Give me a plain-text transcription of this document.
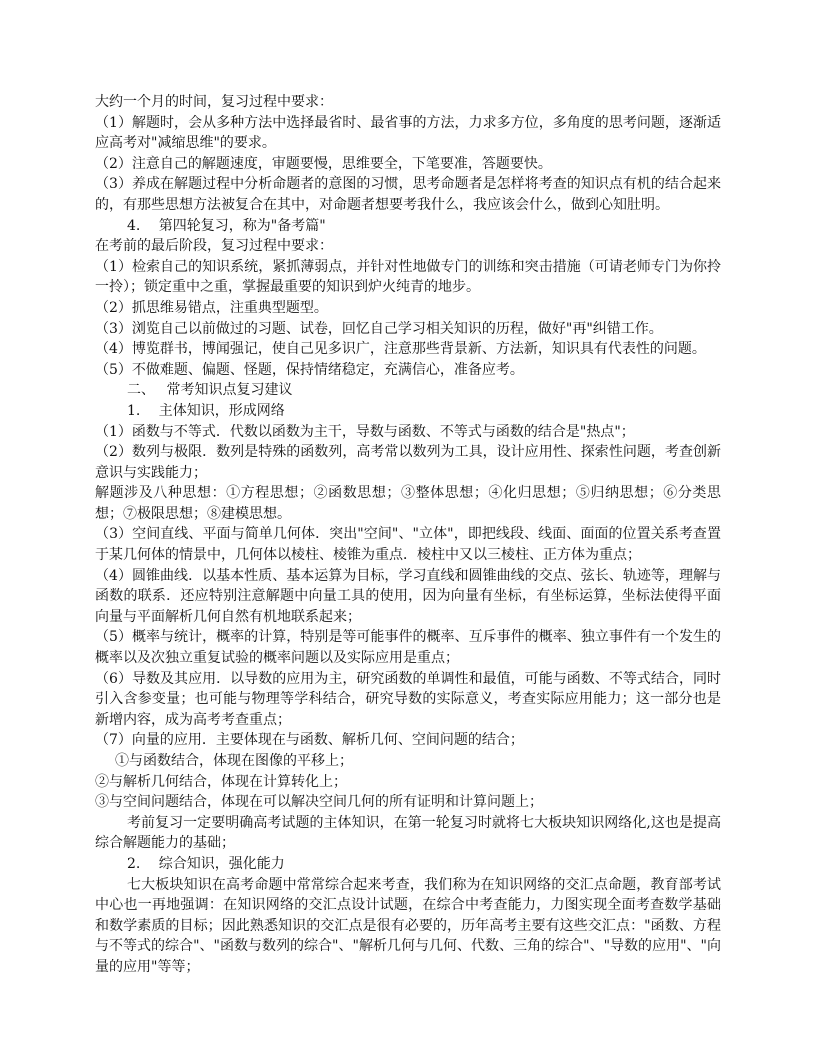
大约一个月的时间，复习过程中要求：

（1）解题时，会从多种方法中选择最省时、最省事的方法，力求多方位，多角度的思考问题，逐渐适应高考对"减缩思维"的要求。

（2）注意自己的解题速度，审题要慢，思维要全，下笔要准，答题要快。

（3）养成在解题过程中分析命题者的意图的习惯，思考命题者是怎样将考查的知识点有机的结合起来的，有那些思想方法被复合在其中，对命题者想要考我什么，我应该会什么，做到心知肚明。

4.　 第四轮复习，称为"备考篇"

在考前的最后阶段，复习过程中要求：

（1）检索自己的知识系统，紧抓薄弱点，并针对性地做专门的训练和突击措施（可请老师专门为你拎一拎）；锁定重中之重，掌握最重要的知识到炉火纯青的地步。

（2）抓思维易错点，注重典型题型。

（3）浏览自己以前做过的习题、试卷，回忆自己学习相关知识的历程，做好"再"纠错工作。

（4）博览群书，博闻强记，使自己见多识广，注意那些背景新、方法新，知识具有代表性的问题。

（5）不做难题、偏题、怪题，保持情绪稳定，充满信心，准备应考。

二、　 常考知识点复习建议

1.　 主体知识，形成网络

（1）函数与不等式．代数以函数为主干，导数与函数、不等式与函数的结合是"热点"；

（2）数列与极限．数列是特殊的函数列，高考常以数列为工具，设计应用性、探索性问题，考查创新意识与实践能力；

解题涉及八种思想：①方程思想；②函数思想；③整体思想；④化归思想；⑤归纳思想；⑥分类思想；⑦极限思想；⑧建模思想。

（3）空间直线、平面与简单几何体．突出"空间"、"立体"，即把线段、线面、面面的位置关系考查置于某几何体的情景中，几何体以棱柱、棱锥为重点．棱柱中又以三棱柱、正方体为重点；

（4）圆锥曲线．以基本性质、基本运算为目标，学习直线和圆锥曲线的交点、弦长、轨迹等，理解与函数的联系．还应特别注意解题中向量工具的使用，因为向量有坐标，有坐标运算，坐标法使得平面向量与平面解析几何自然有机地联系起来；

（5）概率与统计，概率的计算，特别是等可能事件的概率、互斥事件的概率、独立事件有一个发生的概率以及次独立重复试验的概率问题以及实际应用是重点；

（6）导数及其应用．以导数的应用为主，研究函数的单调性和最值，可能与函数、不等式结合，同时引入含参变量；也可能与物理等学科结合，研究导数的实际意义，考查实际应用能力；这一部分也是新增内容，成为高考考查重点；

（7）向量的应用．主要体现在与函数、解析几何、空间问题的结合；

①与函数结合，体现在图像的平移上；

②与解析几何结合，体现在计算转化上；

③与空间问题结合，体现在可以解决空间几何的所有证明和计算问题上；

考前复习一定要明确高考试题的主体知识，在第一轮复习时就将七大板块知识网络化,这也是提高综合解题能力的基础；

2.　 综合知识，强化能力

七大板块知识在高考命题中常常综合起来考查，我们称为在知识网络的交汇点命题，教育部考试中心也一再地强调：在知识网络的交汇点设计试题，在综合中考查能力，力图实现全面考查数学基础和数学素质的目标；因此熟悉知识的交汇点是很有必要的，历年高考主要有这些交汇点："函数、方程与不等式的综合"、"函数与数列的综合"、"解析几何与几何、代数、三角的综合"、"导数的应用"、"向量的应用"等等；
